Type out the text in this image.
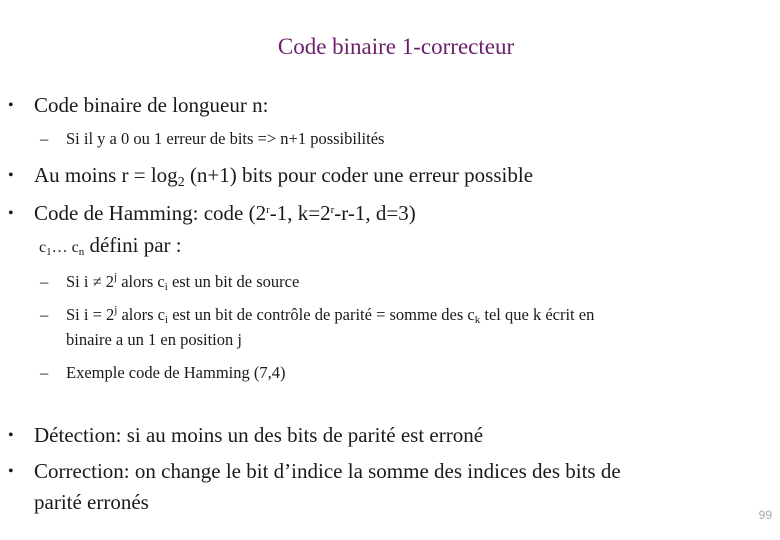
Code binaire 1-correcteur
• Code binaire de longueur n:
– Si il y a 0 ou 1 erreur de bits => n+1 possibilités
• Au moins $r = \log_2 (n+1)$ bits pour coder une erreur possible
• Code de Hamming: code (2$^r$-1, $k=2^r-r-1$, d=3)
$c_1\dots$ $c_n$ défini par :
– Si $i \ne 2^j$ alors $c_i$ est un bit de source
– Si $i = 2^j$ alors $c_i$ est un bit de contrôle de parité = somme des $c_k$ tel que k écrit en
binaire a un 1 en position j
– Exemple code de Hamming (7,4)
• Détection: si au moins un des bits de parité est erroné
• Correction: on change le bit d’indice la somme des indices des bits de
parité erronés
99
